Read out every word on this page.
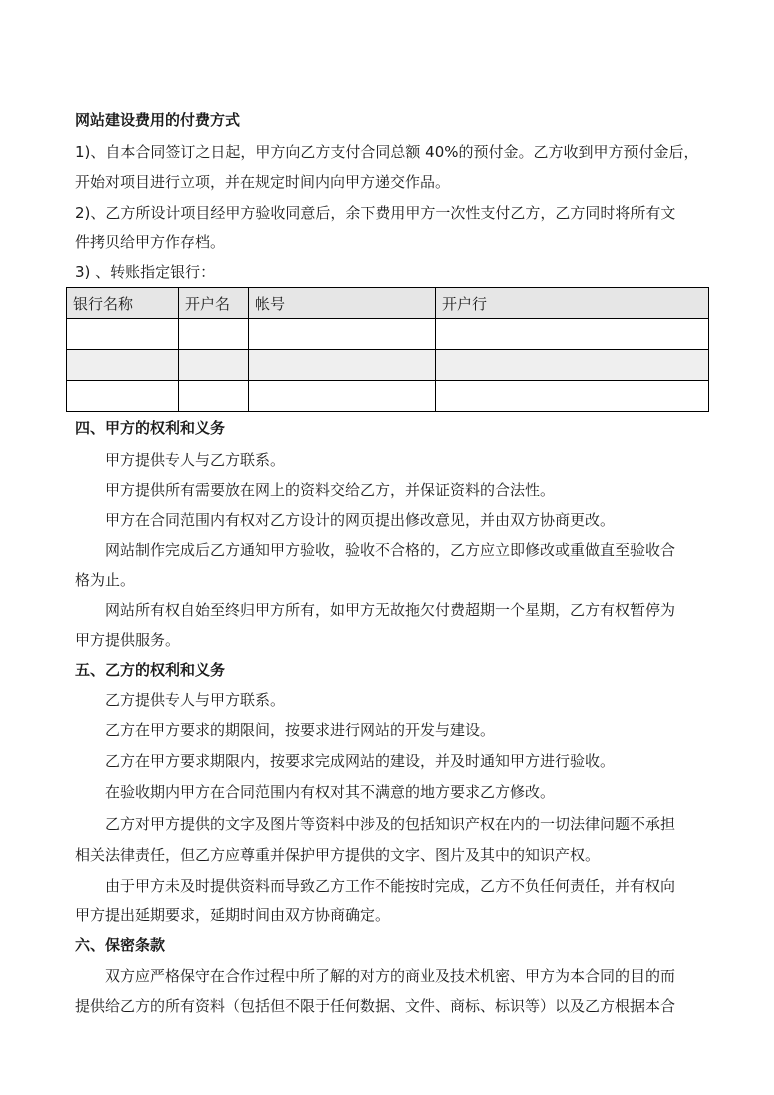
网站建设费用的付费方式
1)、自本合同签订之日起，甲方向乙方支付合同总额 40%的预付金。乙方收到甲方预付金后，
开始对项目进行立项，并在规定时间内向甲方递交作品。
2)、乙方所设计项目经甲方验收同意后，余下费用甲方一次性支付乙方，乙方同时将所有文
件拷贝给甲方作存档。
3) 、转账指定银行：
银行名称	开户名	帐号	开户行

四、甲方的权利和义务
甲方提供专人与乙方联系。
甲方提供所有需要放在网上的资料交给乙方，并保证资料的合法性。
甲方在合同范围内有权对乙方设计的网页提出修改意见，并由双方协商更改。
网站制作完成后乙方通知甲方验收，验收不合格的，乙方应立即修改或重做直至验收合
格为止。
网站所有权自始至终归甲方所有，如甲方无故拖欠付费超期一个星期，乙方有权暂停为
甲方提供服务。
五、乙方的权利和义务
乙方提供专人与甲方联系。
乙方在甲方要求的期限间，按要求进行网站的开发与建设。
乙方在甲方要求期限内，按要求完成网站的建设，并及时通知甲方进行验收。
在验收期内甲方在合同范围内有权对其不满意的地方要求乙方修改。
乙方对甲方提供的文字及图片等资料中涉及的包括知识产权在内的一切法律问题不承担
相关法律责任，但乙方应尊重并保护甲方提供的文字、图片及其中的知识产权。
由于甲方未及时提供资料而导致乙方工作不能按时完成，乙方不负任何责任，并有权向
甲方提出延期要求，延期时间由双方协商确定。
六、保密条款
双方应严格保守在合作过程中所了解的对方的商业及技术机密、甲方为本合同的目的而
提供给乙方的所有资料（包括但不限于任何数据、文件、商标、标识等）以及乙方根据本合
